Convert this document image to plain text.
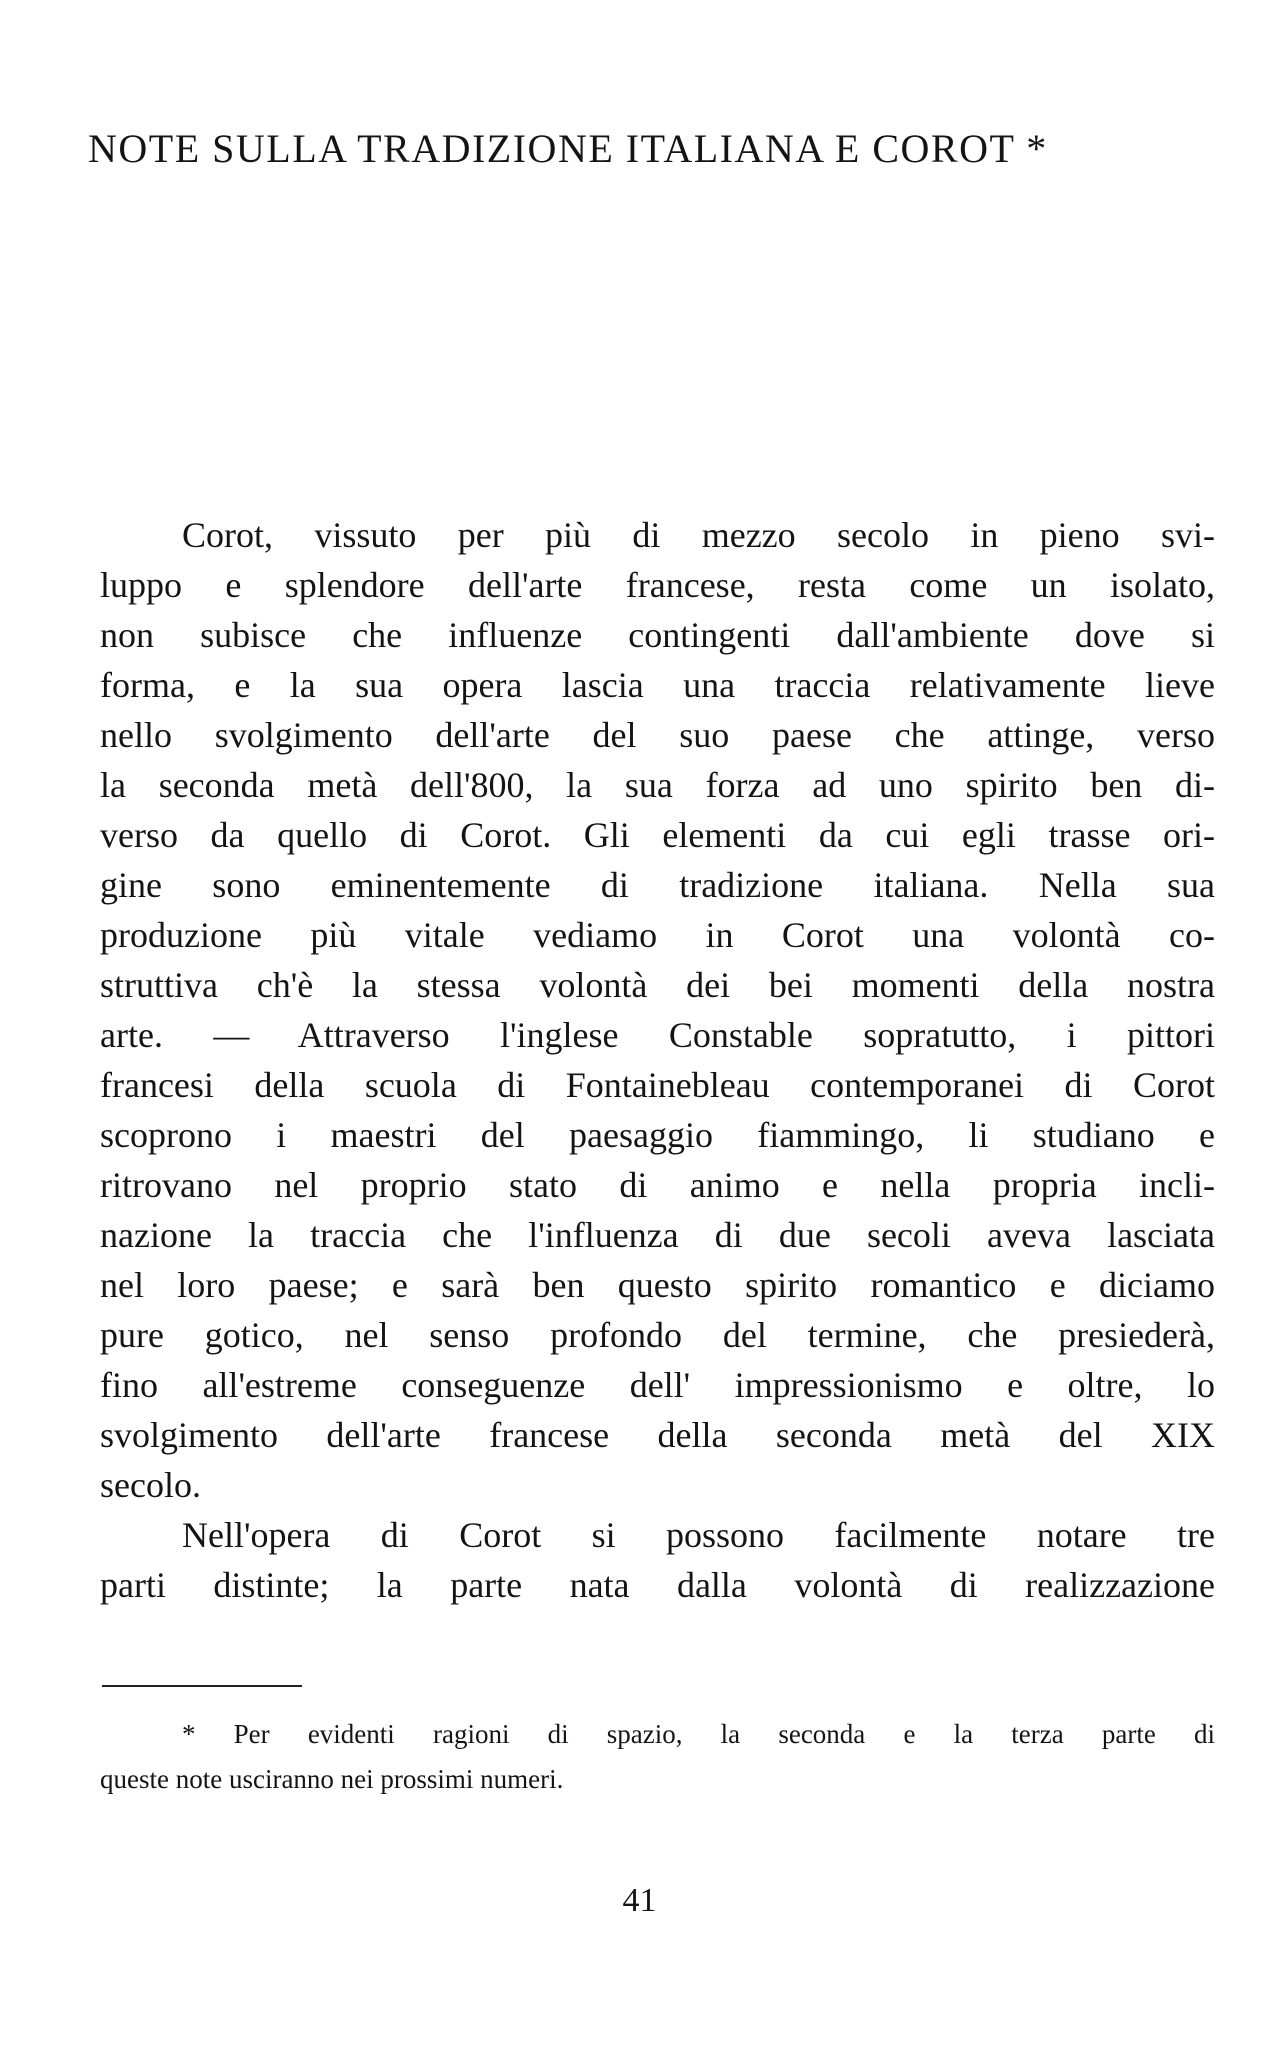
NOTE SULLA TRADIZIONE ITALIANA E COROT *
Corot, vissuto per più di mezzo secolo in pieno svi-
luppo e splendore dell'arte francese, resta come un isolato,
non subisce che influenze contingenti dall'ambiente dove si
forma, e la sua opera lascia una traccia relativamente lieve
nello svolgimento dell'arte del suo paese che attinge, verso
la seconda metà dell'800, la sua forza ad uno spirito ben di-
verso da quello di Corot. Gli elementi da cui egli trasse ori-
gine sono eminentemente di tradizione italiana. Nella sua
produzione più vitale vediamo in Corot una volontà co-
struttiva ch'è la stessa volontà dei bei momenti della nostra
arte. — Attraverso l'inglese Constable sopratutto, i pittori
francesi della scuola di Fontainebleau contemporanei di Corot
scoprono i maestri del paesaggio fiammingo, li studiano e
ritrovano nel proprio stato di animo e nella propria incli-
nazione la traccia che l'influenza di due secoli aveva lasciata
nel loro paese; e sarà ben questo spirito romantico e diciamo
pure gotico, nel senso profondo del termine, che presiederà,
fino all'estreme conseguenze dell' impressionismo e oltre, lo
svolgimento dell'arte francese della seconda metà del XIX
secolo.
Nell'opera di Corot si possono facilmente notare tre
parti distinte; la parte nata dalla volontà di realizzazione
* Per evidenti ragioni di spazio, la seconda e la terza parte di
queste note usciranno nei prossimi numeri.
41
